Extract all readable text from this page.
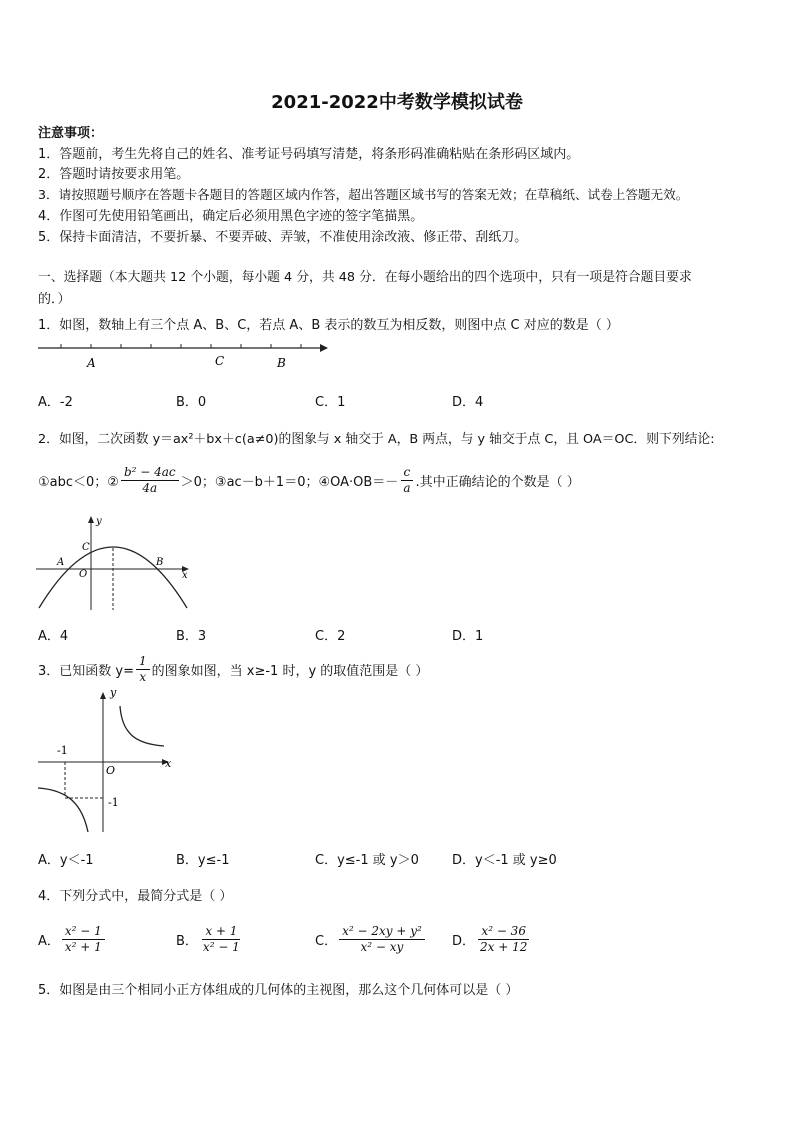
2021-2022中考数学模拟试卷
注意事项：
1．答题前，考生先将自己的姓名、准考证号码填写清楚，将条形码准确粘贴在条形码区域内。
2．答题时请按要求用笔。
3．请按照题号顺序在答题卡各题目的答题区域内作答，超出答题区域书写的答案无效；在草稿纸、试卷上答题无效。
4．作图可先使用铅笔画出，确定后必须用黑色字迹的签字笔描黑。
5．保持卡面清洁，不要折暴、不要弄破、弄皱，不准使用涂改液、修正带、刮纸刀。
一、选择题（本大题共 12 个小题，每小题 4 分，共 48 分．在每小题给出的四个选项中，只有一项是符合题目要求
的．）
1．如图，数轴上有三个点 A、B、C，若点 A、B 表示的数互为相反数，则图中点 C 对应的数是（ ）
A	C	B
A．-2	B．0	C．1	D．4
2．如图，二次函数 y＝ax²＋bx＋c(a≠0)的图象与 x 轴交于 A，B 两点，与 y 轴交于点 C，且 OA＝OC．则下列结论:
①abc＜0；② $\frac{\text{b² − 4ac}}{4a} >0$；③ac－b＋1＝0；④OA·OB＝－ $\frac{c}{a}$ .其中正确结论的个数是（ ）
y
x
C
A
O
B
A．4	B．3	C．2	D．1
3．已知函数 $y= \frac{1}{x}$ 的图象如图，当 x≥-1 时，y 的取值范围是（ ）
y
x
O
-1
-1
A．y＜-1	B．y≤-1	C．y≤-1 或 y＞0	D．y＜-1 或 y≥0
4．下列分式中，最简分式是（ ）
A． $\frac{\text{x² − 1}}{\text{x² + 1}}$	B． $\frac{x + 1}{\text{x² − 1}}$	C． $\frac{\text{x² − 2xy + y²}}{\text{x² − xy}}$ D． $\frac{\text{x² − 36}}{2x + 12}$
5．如图是由三个相同小正方体组成的几何体的主视图，那么这个几何体可以是（ ）
